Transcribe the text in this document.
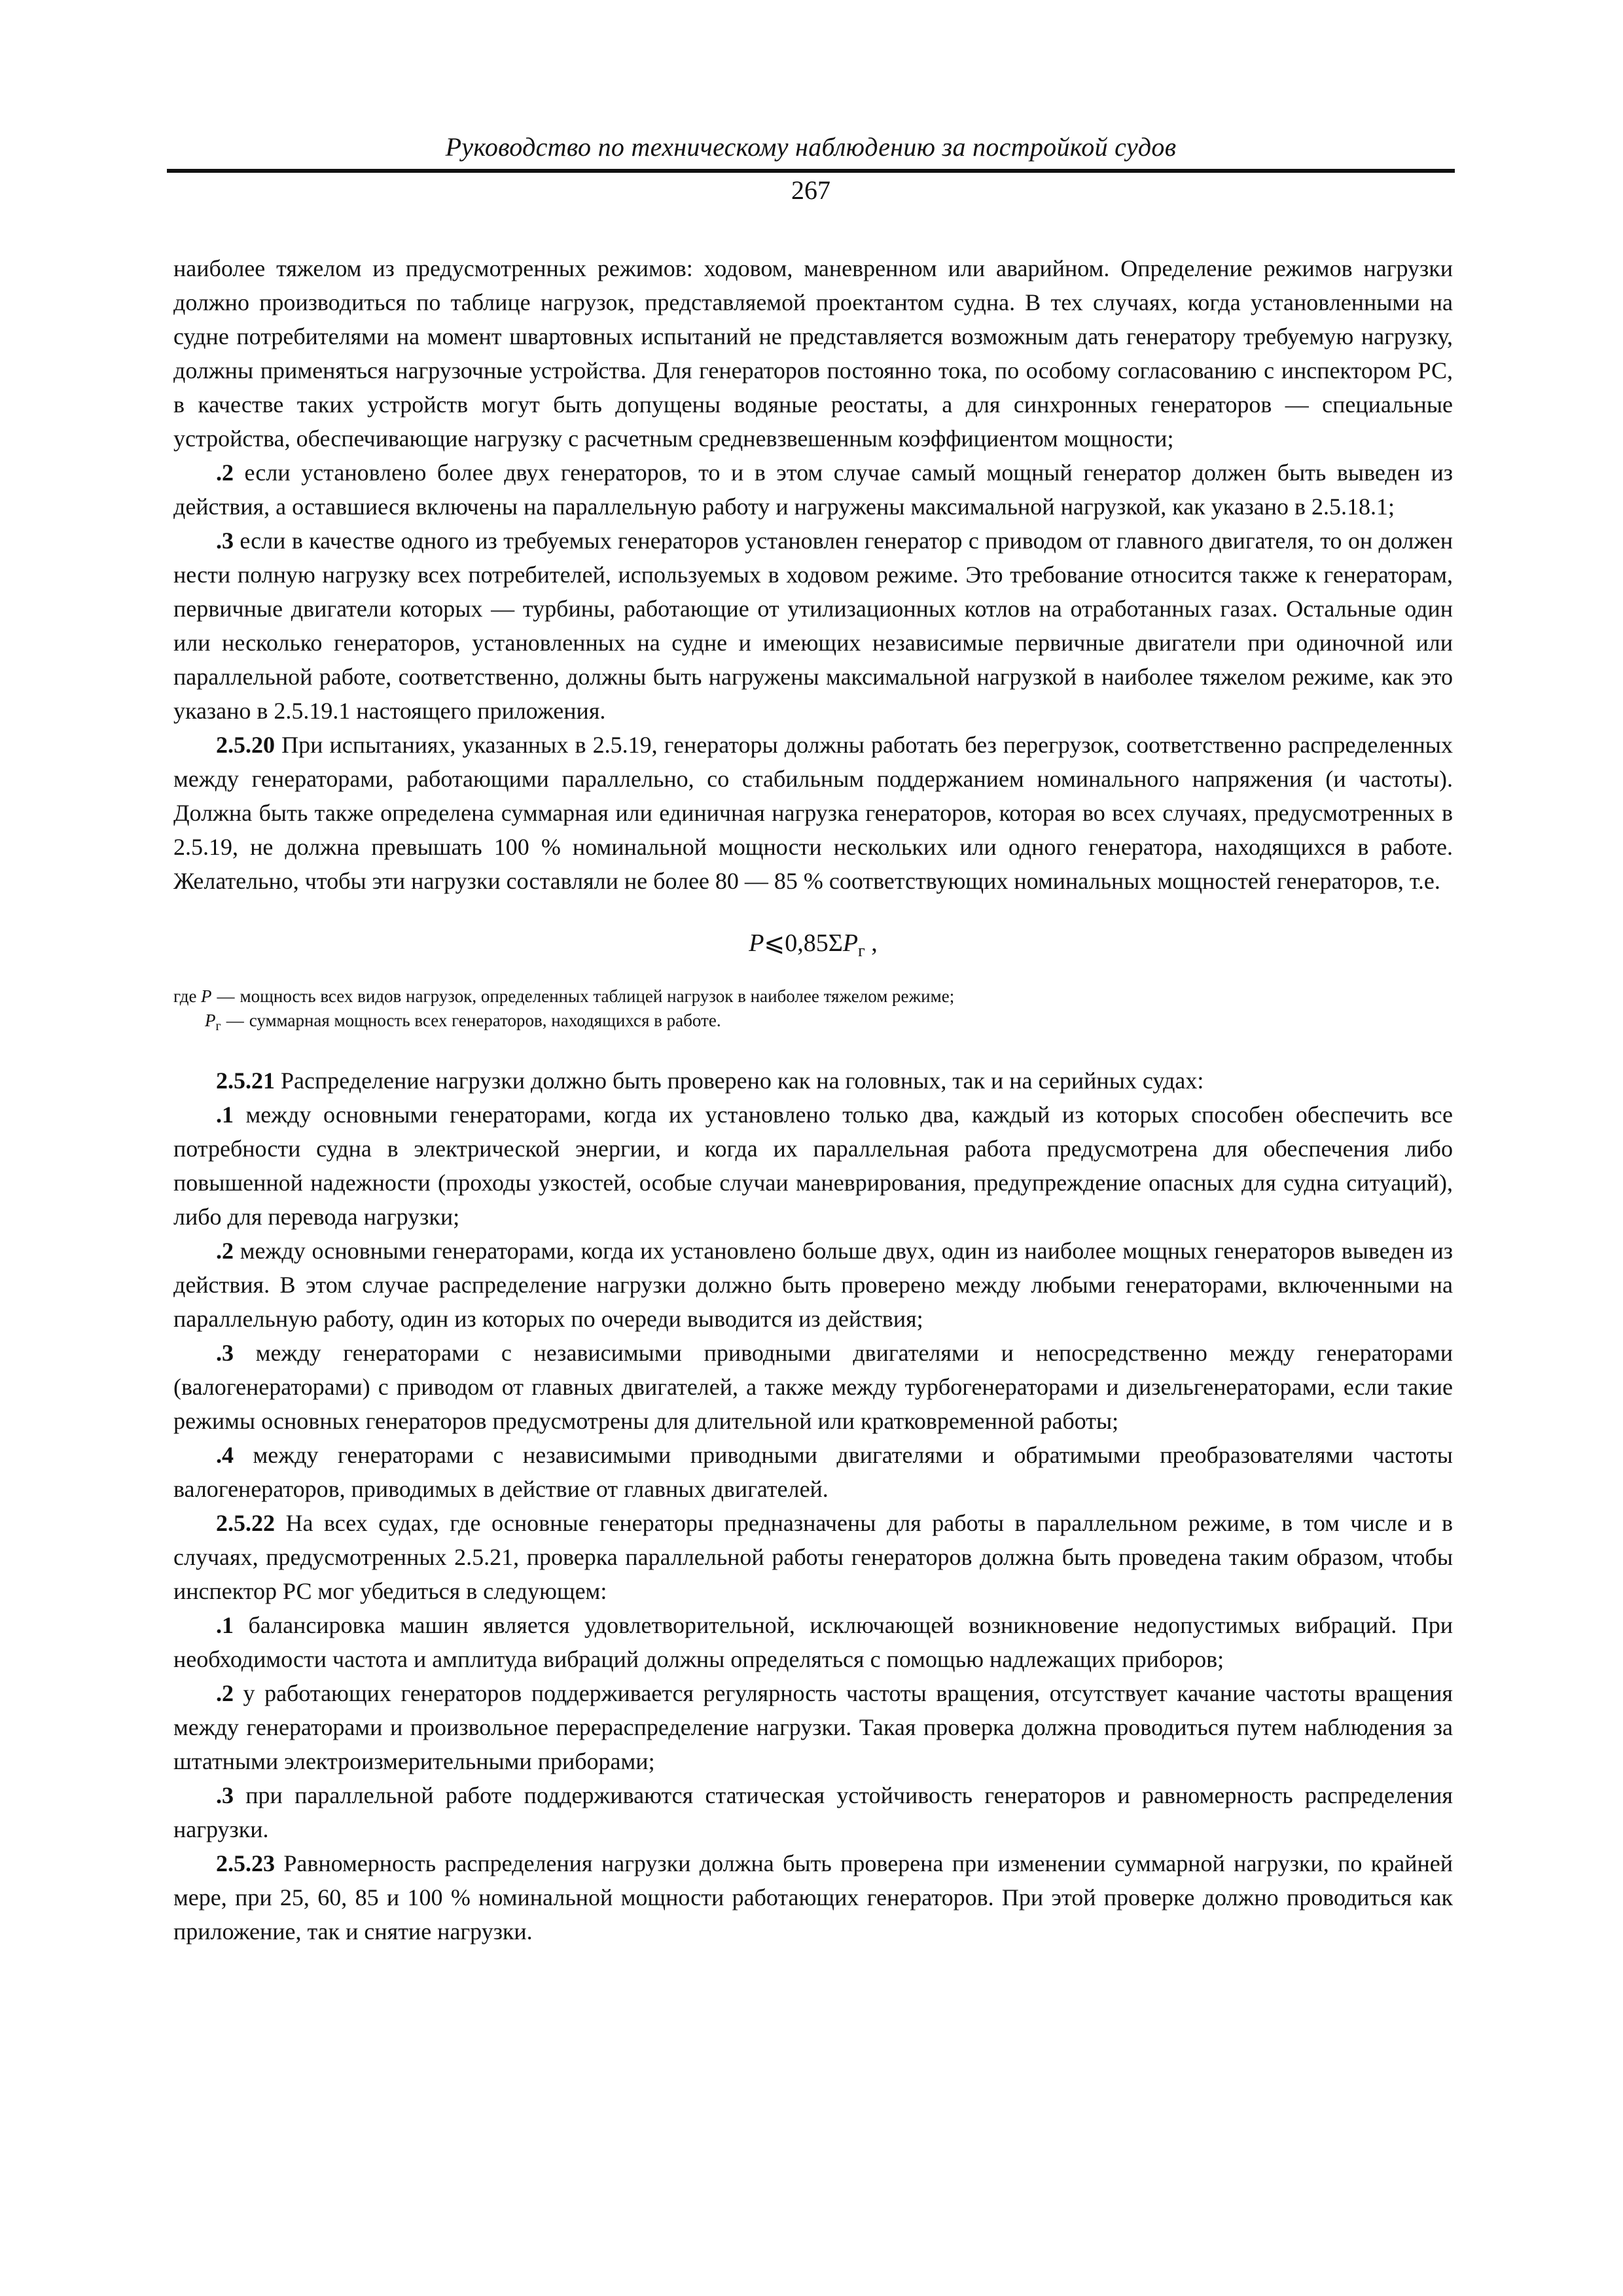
Руководство по техническому наблюдению за постройкой судов

267

наиболее тяжелом из предусмотренных режимов: ходовом, маневренном или аварийном. Определение режимов нагрузки должно производиться по таблице нагрузок, представляемой проектантом судна. В тех случаях, когда установленными на судне потребителями на момент швартовных испытаний не представляется возможным дать генератору требуемую нагрузку, должны применяться нагрузочные устройства. Для генераторов постоянно тока, по особому согласованию с инспектором РС, в качестве таких устройств могут быть допущены водяные реостаты, а для синхронных генераторов — специальные устройства, обеспечивающие нагрузку с расчетным средневзвешенным коэффициентом мощности;

.2 если установлено более двух генераторов, то и в этом случае самый мощный генератор должен быть выведен из действия, а оставшиеся включены на параллельную работу и нагружены максимальной нагрузкой, как указано в 2.5.18.1;

.3 если в качестве одного из требуемых генераторов установлен генератор с приводом от главного двигателя, то он должен нести полную нагрузку всех потребителей, используемых в ходовом режиме. Это требование относится также к генераторам, первичные двигатели которых — турбины, работающие от утилизационных котлов на отработанных газах. Остальные один или несколько генераторов, установленных на судне и имеющих независимые первичные двигатели при одиночной или параллельной работе, соответственно, должны быть нагружены максимальной нагрузкой в наиболее тяжелом режиме, как это указано в 2.5.19.1 настоящего приложения.

2.5.20 При испытаниях, указанных в 2.5.19, генераторы должны работать без перегрузок, соответственно распределенных между генераторами, работающими параллельно, со стабильным поддержанием номинального напряжения (и частоты). Должна быть также определена суммарная или единичная нагрузка генераторов, которая во всех случаях, предусмотренных в 2.5.19, не должна превышать 100 % номинальной мощности нескольких или одного генератора, находящихся в работе. Желательно, чтобы эти нагрузки составляли не более 80 — 85 % соответствующих номинальных мощностей генераторов, т.е.

$P⩽0,85\Sigma P_г$ ,
где P — мощность всех видов нагрузок, определенных таблицей нагрузок в наиболее тяжелом режиме;
$P_г$ — суммарная мощность всех генераторов, находящихся в работе.

2.5.21 Распределение нагрузки должно быть проверено как на головных, так и на серийных судах:

.1 между основными генераторами, когда их установлено только два, каждый из которых способен обеспечить все потребности судна в электрической энергии, и когда их параллельная работа предусмотрена для обеспечения либо повышенной надежности (проходы узкостей, особые случаи маневрирования, предупреждение опасных для судна ситуаций), либо для перевода нагрузки;

.2 между основными генераторами, когда их установлено больше двух, один из наиболее мощных генераторов выведен из действия. В этом случае распределение нагрузки должно быть проверено между любыми генераторами, включенными на параллельную работу, один из которых по очереди выводится из действия;

.3 между генераторами с независимыми приводными двигателями и непосредственно между генераторами (валогенераторами) с приводом от главных двигателей, а также между турбогенераторами и дизельгенераторами, если такие режимы основных генераторов предусмотрены для длительной или кратковременной работы;

.4 между генераторами с независимыми приводными двигателями и обратимыми преобразователями частоты валогенераторов, приводимых в действие от главных двигателей.

2.5.22 На всех судах, где основные генераторы предназначены для работы в параллельном режиме, в том числе и в случаях, предусмотренных 2.5.21, проверка параллельной работы генераторов должна быть проведена таким образом, чтобы инспектор РС мог убедиться в следующем:

.1 балансировка машин является удовлетворительной, исключающей возникновение недопустимых вибраций. При необходимости частота и амплитуда вибраций должны определяться с помощью надлежащих приборов;

.2 у работающих генераторов поддерживается регулярность частоты вращения, отсутствует качание частоты вращения между генераторами и произвольное перераспределение нагрузки. Такая проверка должна проводиться путем наблюдения за штатными электроизмерительными приборами;

.3 при параллельной работе поддерживаются статическая устойчивость генераторов и равномерность распределения нагрузки.

2.5.23 Равномерность распределения нагрузки должна быть проверена при изменении суммарной нагрузки, по крайней мере, при 25, 60, 85 и 100 % номинальной мощности работающих генераторов. При этой проверке должно проводиться как приложение, так и снятие нагрузки.
